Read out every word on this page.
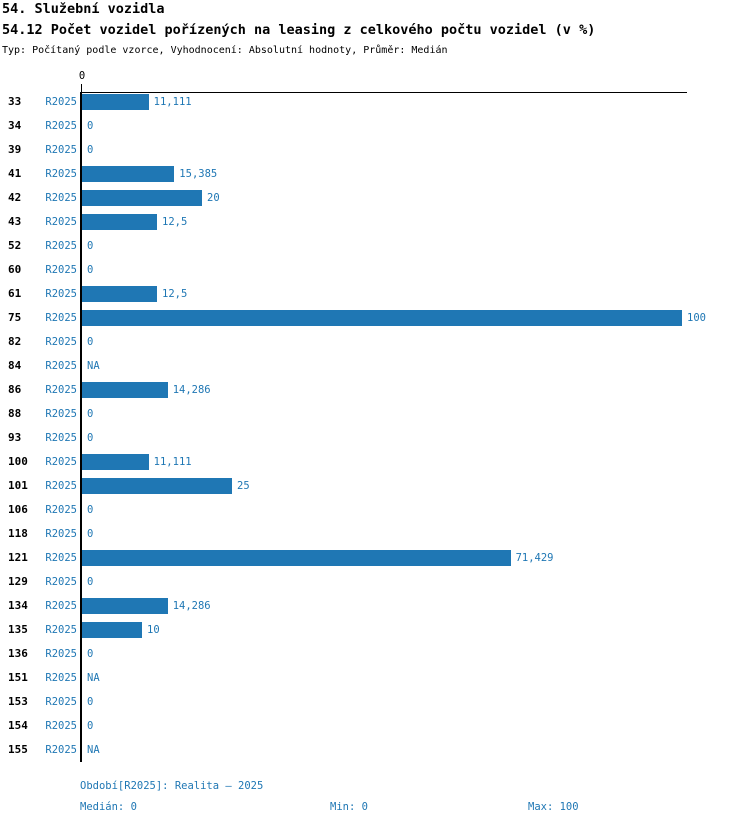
54. Služební vozidla
54.12 Počet vozidel pořízených na leasing z celkového počtu vozidel (v %)
Typ: Počítaný podle vzorce, Vyhodnocení: Absolutní hodnoty, Průměr: Medián
0
33	R2025	11,111
34	R2025 0
39	R2025 0
41	R2025	15,385
42	R2025	20
43	R2025	12,5
52	R2025 0
60	R2025 0
61	R2025	12,5
75	R2025	100
82	R2025 0
84	R2025 NA
86	R2025	14,286
88	R2025 0
93	R2025 0
100	R2025	11,111
101	R2025	25
106	R2025 0
118	R2025 0
121	R2025	71,429
129	R2025 0
134	R2025	14,286
135	R2025	10
136	R2025 0
151	R2025 NA
153	R2025 0
154	R2025 0
155	R2025 NA
Období[R2025]: Realita – 2025
Medián: 0	Min: 0	Max: 100
